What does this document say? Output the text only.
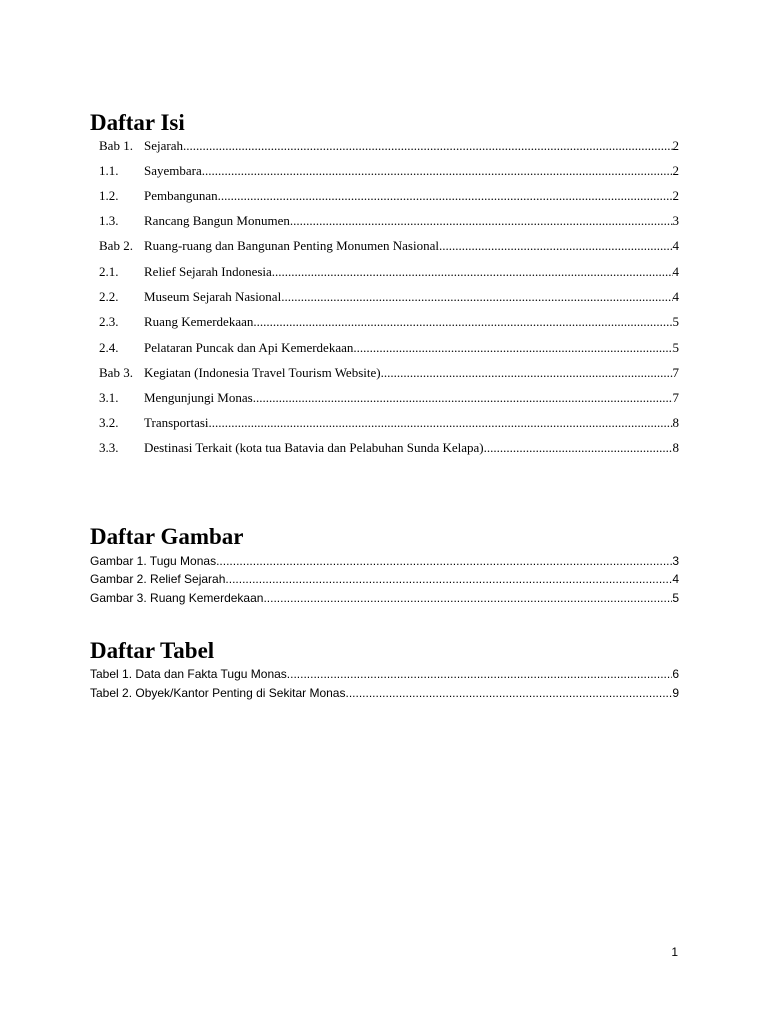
Daftar Isi
Bab 1. Sejarah .....	2
1.1.	Sayembara .....	2
1.2.	Pembangunan .....	2
1.3.	Rancang Bangun Monumen .....	3
Bab 2. Ruang-ruang dan Bangunan Penting Monumen Nasional .....	4
2.1.	Relief Sejarah Indonesia .....	4
2.2.	Museum Sejarah Nasional .....	4
2.3.	Ruang Kemerdekaan .....	5
2.4.	Pelataran Puncak dan Api Kemerdekaan .....	5
Bab 3. Kegiatan (Indonesia Travel Tourism Website) .....	7
3.1.	Mengunjungi Monas .....	7
3.2.	Transportasi .....	8
3.3.	Destinasi Terkait (kota tua Batavia dan Pelabuhan Sunda Kelapa) .....	8
Daftar Gambar
Gambar 1. Tugu Monas .....	3
Gambar 2. Relief Sejarah .....	4
Gambar 3. Ruang Kemerdekaan .....	5
Daftar Tabel
Tabel 1. Data dan Fakta Tugu Monas .....	6
Tabel 2. Obyek/Kantor Penting di Sekitar Monas .....	9
1
